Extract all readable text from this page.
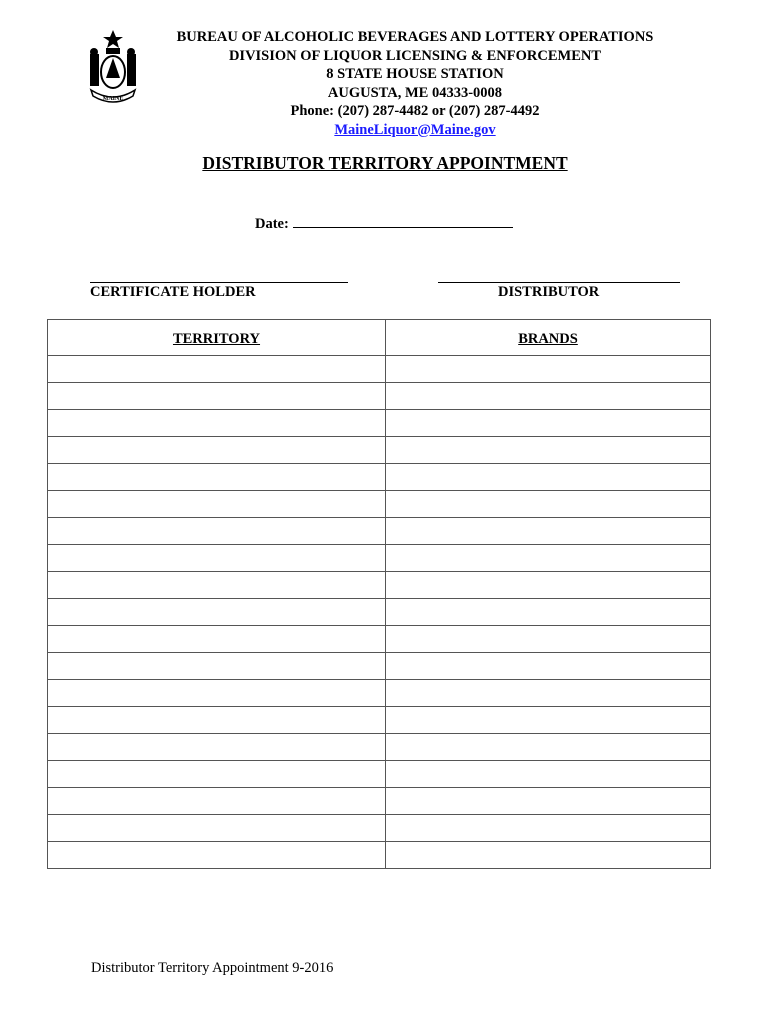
MAINE
BUREAU OF ALCOHOLIC BEVERAGES AND LOTTERY OPERATIONS
DIVISION OF LIQUOR LICENSING & ENFORCEMENT
8 STATE HOUSE STATION
AUGUSTA, ME 04333-0008
Phone: (207) 287-4482 or (207) 287-4492
MaineLiquor@Maine.gov
DISTRIBUTOR TERRITORY APPOINTMENT
Date:
CERTIFICATE HOLDER	DISTRIBUTOR
TERRITORY	BRANDS

Distributor Territory Appointment 9-2016
